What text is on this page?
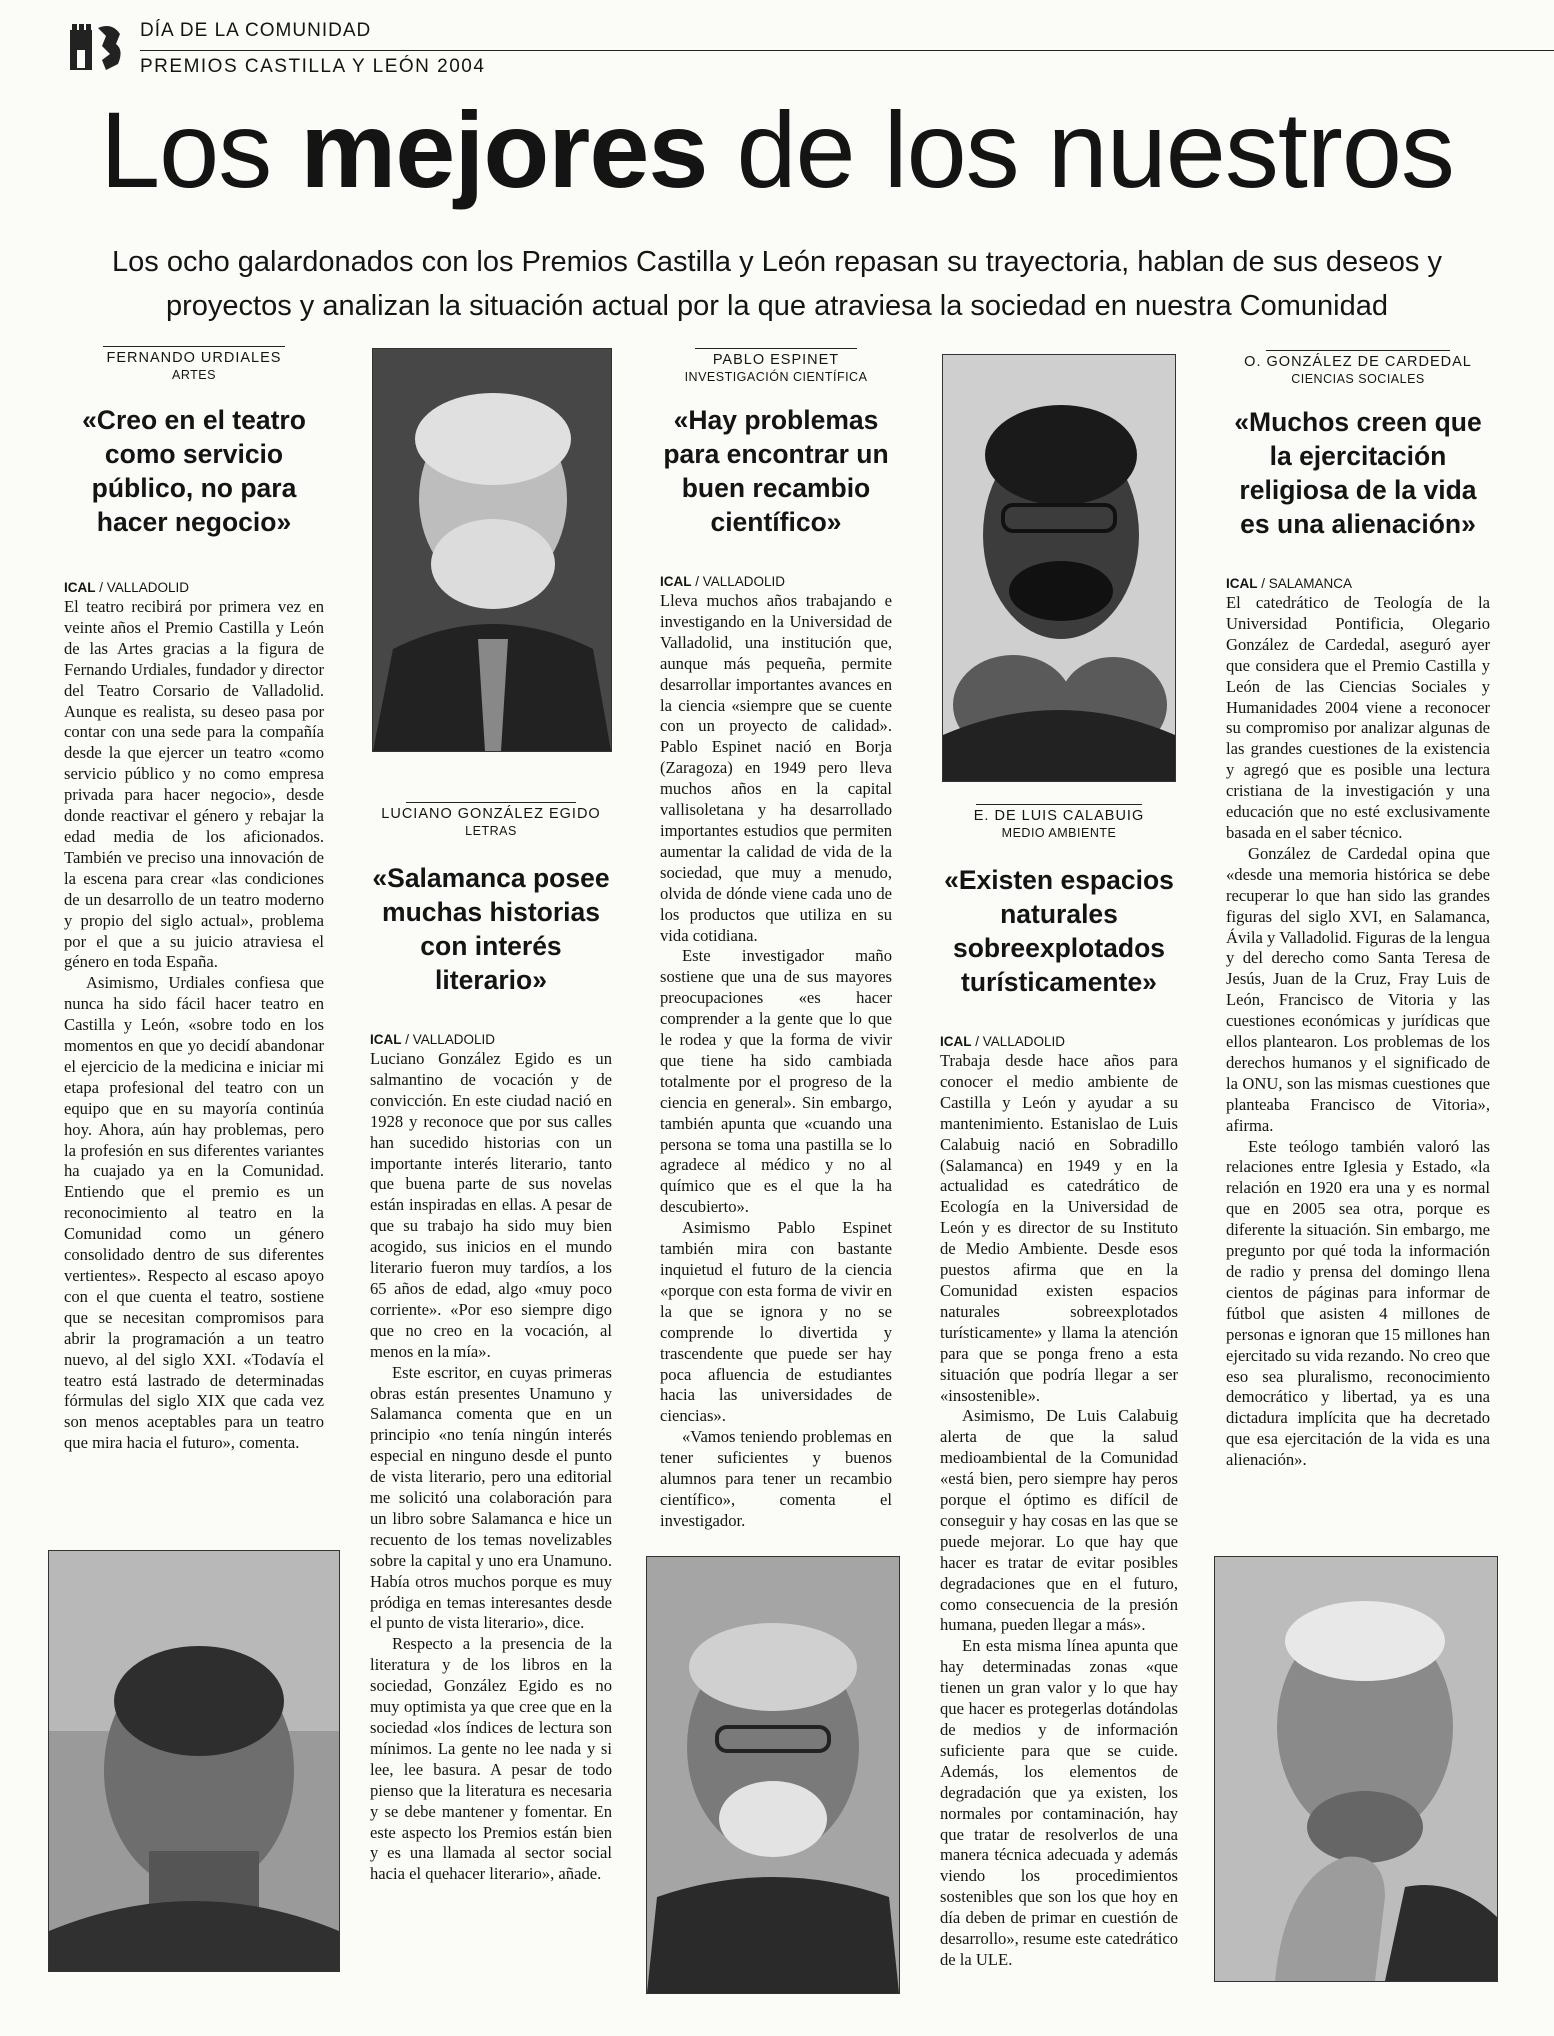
DÍA DE LA COMUNIDAD
PREMIOS CASTILLA Y LEÓN 2004
Los mejores de los nuestros
Los ocho galardonados con los Premios Castilla y León repasan su trayectoria, hablan de sus deseos y proyectos y analizan la situación actual por la que atraviesa la sociedad en nuestra Comunidad
FERNANDO URDIALES
ARTES
«Creo en el teatro como servicio público, no para hacer negocio»
ICAL / VALLADOLID

El teatro recibirá por primera vez en veinte años el Premio Castilla y León de las Artes gracias a la figura de Fernando Urdiales, fundador y director del Teatro Corsario de Valladolid. Aunque es realista, su deseo pasa por contar con una sede para la compañía desde la que ejercer un teatro «como servicio público y no como empresa privada para hacer negocio», desde donde reactivar el género y rebajar la edad media de los aficionados. También ve preciso una innovación de la escena para crear «las condiciones de un desarrollo de un teatro moderno y propio del siglo actual», problema por el que a su juicio atraviesa el género en toda España.

Asimismo, Urdiales confiesa que nunca ha sido fácil hacer teatro en Castilla y León, «sobre todo en los momentos en que yo decidí abandonar el ejercicio de la medicina e iniciar mi etapa profesional del teatro con un equipo que en su mayoría continúa hoy. Ahora, aún hay problemas, pero la profesión en sus diferentes variantes ha cuajado ya en la Comunidad. Entiendo que el premio es un reconocimiento al teatro en la Comunidad como un género consolidado dentro de sus diferentes vertientes». Respecto al escaso apoyo con el que cuenta el teatro, sostiene que se necesitan compromisos para abrir la programación a un teatro nuevo, al del siglo XXI. «Todavía el teatro está lastrado de determinadas fórmulas del siglo XIX que cada vez son menos aceptables para un teatro que mira hacia el futuro», comenta.

LUCIANO GONZÁLEZ EGIDO
LETRAS
«Salamanca posee muchas historias con interés literario»
ICAL / VALLADOLID

Luciano González Egido es un salmantino de vocación y de convicción. En este ciudad nació en 1928 y reconoce que por sus calles han sucedido historias con un importante interés literario, tanto que buena parte de sus novelas están inspiradas en ellas. A pesar de que su trabajo ha sido muy bien acogido, sus inicios en el mundo literario fueron muy tardíos, a los 65 años de edad, algo «muy poco corriente». «Por eso siempre digo que no creo en la vocación, al menos en la mía».

Este escritor, en cuyas primeras obras están presentes Unamuno y Salamanca comenta que en un principio «no tenía ningún interés especial en ninguno desde el punto de vista literario, pero una editorial me solicitó una colaboración para un libro sobre Salamanca e hice un recuento de los temas novelizables sobre la capital y uno era Unamuno. Había otros muchos porque es muy pródiga en temas interesantes desde el punto de vista literario», dice.

Respecto a la presencia de la literatura y de los libros en la sociedad, González Egido es no muy optimista ya que cree que en la sociedad «los índices de lectura son mínimos. La gente no lee nada y si lee, lee basura. A pesar de todo pienso que la literatura es necesaria y se debe mantener y fomentar. En este aspecto los Premios están bien y es una llamada al sector social hacia el quehacer literario», añade.

PABLO ESPINET
INVESTIGACIÓN CIENTÍFICA
«Hay problemas para encontrar un buen recambio científico»
ICAL / VALLADOLID

Lleva muchos años trabajando e investigando en la Universidad de Valladolid, una institución que, aunque más pequeña, permite desarrollar importantes avances en la ciencia «siempre que se cuente con un proyecto de calidad». Pablo Espinet nació en Borja (Zaragoza) en 1949 pero lleva muchos años en la capital vallisoletana y ha desarrollado importantes estudios que permiten aumentar la calidad de vida de la sociedad, que muy a menudo, olvida de dónde viene cada uno de los productos que utiliza en su vida cotidiana.

Este investigador maño sostiene que una de sus mayores preocupaciones «es hacer comprender a la gente que lo que le rodea y que la forma de vivir que tiene ha sido cambiada totalmente por el progreso de la ciencia en general». Sin embargo, también apunta que «cuando una persona se toma una pastilla se lo agradece al médico y no al químico que es el que la ha descubierto».

Asimismo Pablo Espinet también mira con bastante inquietud el futuro de la ciencia «porque con esta forma de vivir en la que se ignora y no se comprende lo divertida y trascendente que puede ser hay poca afluencia de estudiantes hacia las universidades de ciencias».

«Vamos teniendo problemas en tener suficientes y buenos alumnos para tener un recambio científico», comenta el investigador.

E. DE LUIS CALABUIG
MEDIO AMBIENTE
«Existen espacios naturales sobreexplotados turísticamente»
ICAL / VALLADOLID

Trabaja desde hace años para conocer el medio ambiente de Castilla y León y ayudar a su mantenimiento. Estanislao de Luis Calabuig nació en Sobradillo (Salamanca) en 1949 y en la actualidad es catedrático de Ecología en la Universidad de León y es director de su Instituto de Medio Ambiente. Desde esos puestos afirma que en la Comunidad existen espacios naturales sobreexplotados turísticamente» y llama la atención para que se ponga freno a esta situación que podría llegar a ser «insostenible».

Asimismo, De Luis Calabuig alerta de que la salud medioambiental de la Comunidad «está bien, pero siempre hay peros porque el óptimo es difícil de conseguir y hay cosas en las que se puede mejorar. Lo que hay que hacer es tratar de evitar posibles degradaciones que en el futuro, como consecuencia de la presión humana, pueden llegar a más».

En esta misma línea apunta que hay determinadas zonas «que tienen un gran valor y lo que hay que hacer es protegerlas dotándolas de medios y de información suficiente para que se cuide. Además, los elementos de degradación que ya existen, los normales por contaminación, hay que tratar de resolverlos de una manera técnica adecuada y además viendo los procedimientos sostenibles que son los que hoy en día deben de primar en cuestión de desarrollo», resume este catedrático de la ULE.

O. GONZÁLEZ DE CARDEDAL
CIENCIAS SOCIALES
«Muchos creen que la ejercitación religiosa de la vida es una alienación»
ICAL / SALAMANCA

El catedrático de Teología de la Universidad Pontificia, Olegario González de Cardedal, aseguró ayer que considera que el Premio Castilla y León de las Ciencias Sociales y Humanidades 2004 viene a reconocer su compromiso por analizar algunas de las grandes cuestiones de la existencia y agregó que es posible una lectura cristiana de la investigación y una educación que no esté exclusivamente basada en el saber técnico.

González de Cardedal opina que «desde una memoria histórica se debe recuperar lo que han sido las grandes figuras del siglo XVI, en Salamanca, Ávila y Valladolid. Figuras de la lengua y del derecho como Santa Teresa de Jesús, Juan de la Cruz, Fray Luis de León, Francisco de Vitoria y las cuestiones económicas y jurídicas que ellos plantearon. Los problemas de los derechos humanos y el significado de la ONU, son las mismas cuestiones que planteaba Francisco de Vitoria», afirma.

Este teólogo también valoró las relaciones entre Iglesia y Estado, «la relación en 1920 era una y es normal que en 2005 sea otra, porque es diferente la situación. Sin embargo, me pregunto por qué toda la información de radio y prensa del domingo llena cientos de páginas para informar de fútbol que asisten 4 millones de personas e ignoran que 15 millones han ejercitado su vida rezando. No creo que eso sea pluralismo, reconocimiento democrático y libertad, ya es una dictadura implícita que ha decretado que esa ejercitación de la vida es una alienación».
